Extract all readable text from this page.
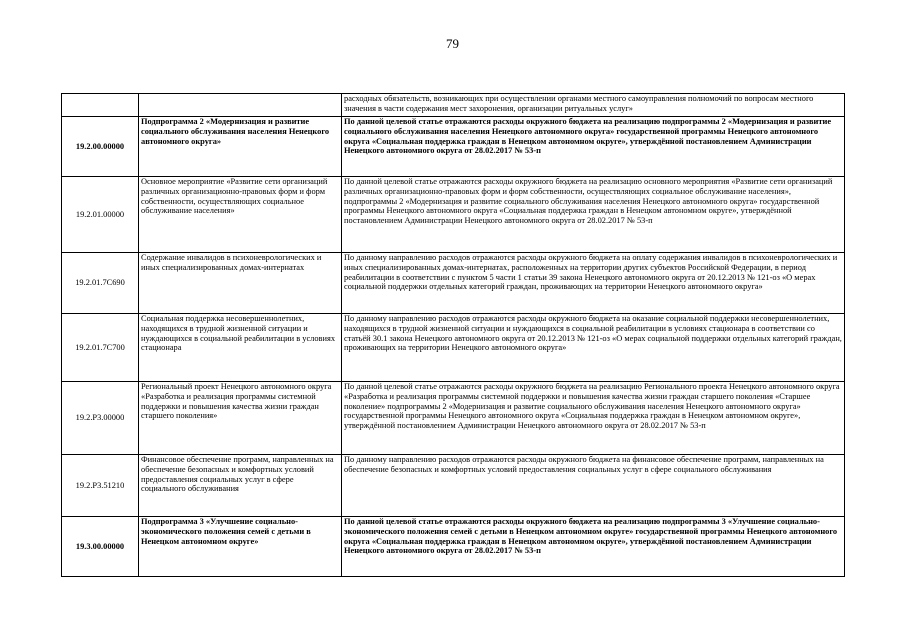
79
		расходных обязательств, возникающих при осуществлении органами местного самоуправления полномочий по вопросам местного значения в части содержания мест захоронения, организации ритуальных услуг»
19.2.00.00000	Подпрограмма 2 «Модернизация и развитие социального обслуживания населения Ненецкого автономного округа»	По данной целевой статье отражаются расходы окружного бюджета на реализацию подпрограммы 2 «Модернизация и развитие социального обслуживания населения Ненецкого автономного округа» государственной программы Ненецкого автономного округа «Социальная поддержка граждан в Ненецком автономном округе», утверждённой постановлением Администрации Ненецкого автономного округа от 28.02.2017 № 53-п
19.2.01.00000	Основное мероприятие «Развитие сети организаций различных организационно-правовых форм и форм собственности, осуществляющих социальное обслуживание населения»	По данной целевой статье отражаются расходы окружного бюджета на реализацию основного мероприятия «Развитие сети организаций различных организационно-правовых форм и форм собственности, осуществляющих социальное обслуживание населения», подпрограммы 2 «Модернизация и развитие социального обслуживания населения Ненецкого автономного округа» государственной программы Ненецкого автономного округа «Социальная поддержка граждан в Ненецком автономном округе», утверждённой постановлением Администрации Ненецкого автономного округа от 28.02.2017 № 53-п
19.2.01.7С690	Содержание инвалидов в психоневрологических и иных специализированных домах-интернатах	По данному направлению расходов отражаются расходы окружного бюджета на оплату содержания инвалидов в психоневрологических и иных специализированных домах-интернатах, расположенных на территории других субъектов Российской Федерации, в период реабилитации в соответствии с пунктом 5 части 1 статьи 39 закона Ненецкого автономного округа от 20.12.2013 № 121-оз «О мерах социальной поддержки отдельных категорий граждан, проживающих на территории Ненецкого автономного округа»
19.2.01.7С700	Социальная поддержка несовершеннолетних, находящихся в трудной жизненной ситуации и нуждающихся в социальной реабилитации в условиях стационара	По данному направлению расходов отражаются расходы окружного бюджета на оказание социальной поддержки несовершеннолетних, находящихся в трудной жизненной ситуации и нуждающихся в социальной реабилитации в условиях стационара в соответствии со статьёй 30.1 закона Ненецкого автономного округа от 20.12.2013 № 121-оз «О мерах социальной поддержки отдельных категорий граждан, проживающих на территории Ненецкого автономного округа»
19.2.Р3.00000	Региональный проект Ненецкого автономного округа «Разработка и реализация программы системной поддержки и повышения качества жизни граждан старшего поколения»	По данной целевой статье отражаются расходы окружного бюджета на реализацию Регионального проекта Ненецкого автономного округа «Разработка и реализация программы системной поддержки и повышения качества жизни граждан старшего поколения «Старшее поколение» подпрограммы 2 «Модернизация и развитие социального обслуживания населения Ненецкого автономного округа» государственной программы Ненецкого автономного округа «Социальная поддержка граждан в Ненецком автономном округе», утверждённой постановлением Администрации Ненецкого автономного округа от 28.02.2017 № 53-п
19.2.Р3.51210	Финансовое обеспечение программ, направленных на обеспечение безопасных и комфортных условий предоставления социальных услуг в сфере социального обслуживания	По данному направлению расходов отражаются расходы окружного бюджета на финансовое обеспечение программ, направленных на обеспечение безопасных и комфортных условий предоставления социальных услуг в сфере социального обслуживания
19.3.00.00000	Подпрограмма 3 «Улучшение социально-экономического положения семей с детьми в Ненецком автономном округе»	По данной целевой статье отражаются расходы окружного бюджета на реализацию подпрограммы 3 «Улучшение социально-экономического положения семей с детьми в Ненецком автономном округе» государственной программы Ненецкого автономного округа «Социальная поддержка граждан в Ненецком автономном округе», утверждённой постановлением Администрации Ненецкого автономного округа от 28.02.2017 № 53-п
